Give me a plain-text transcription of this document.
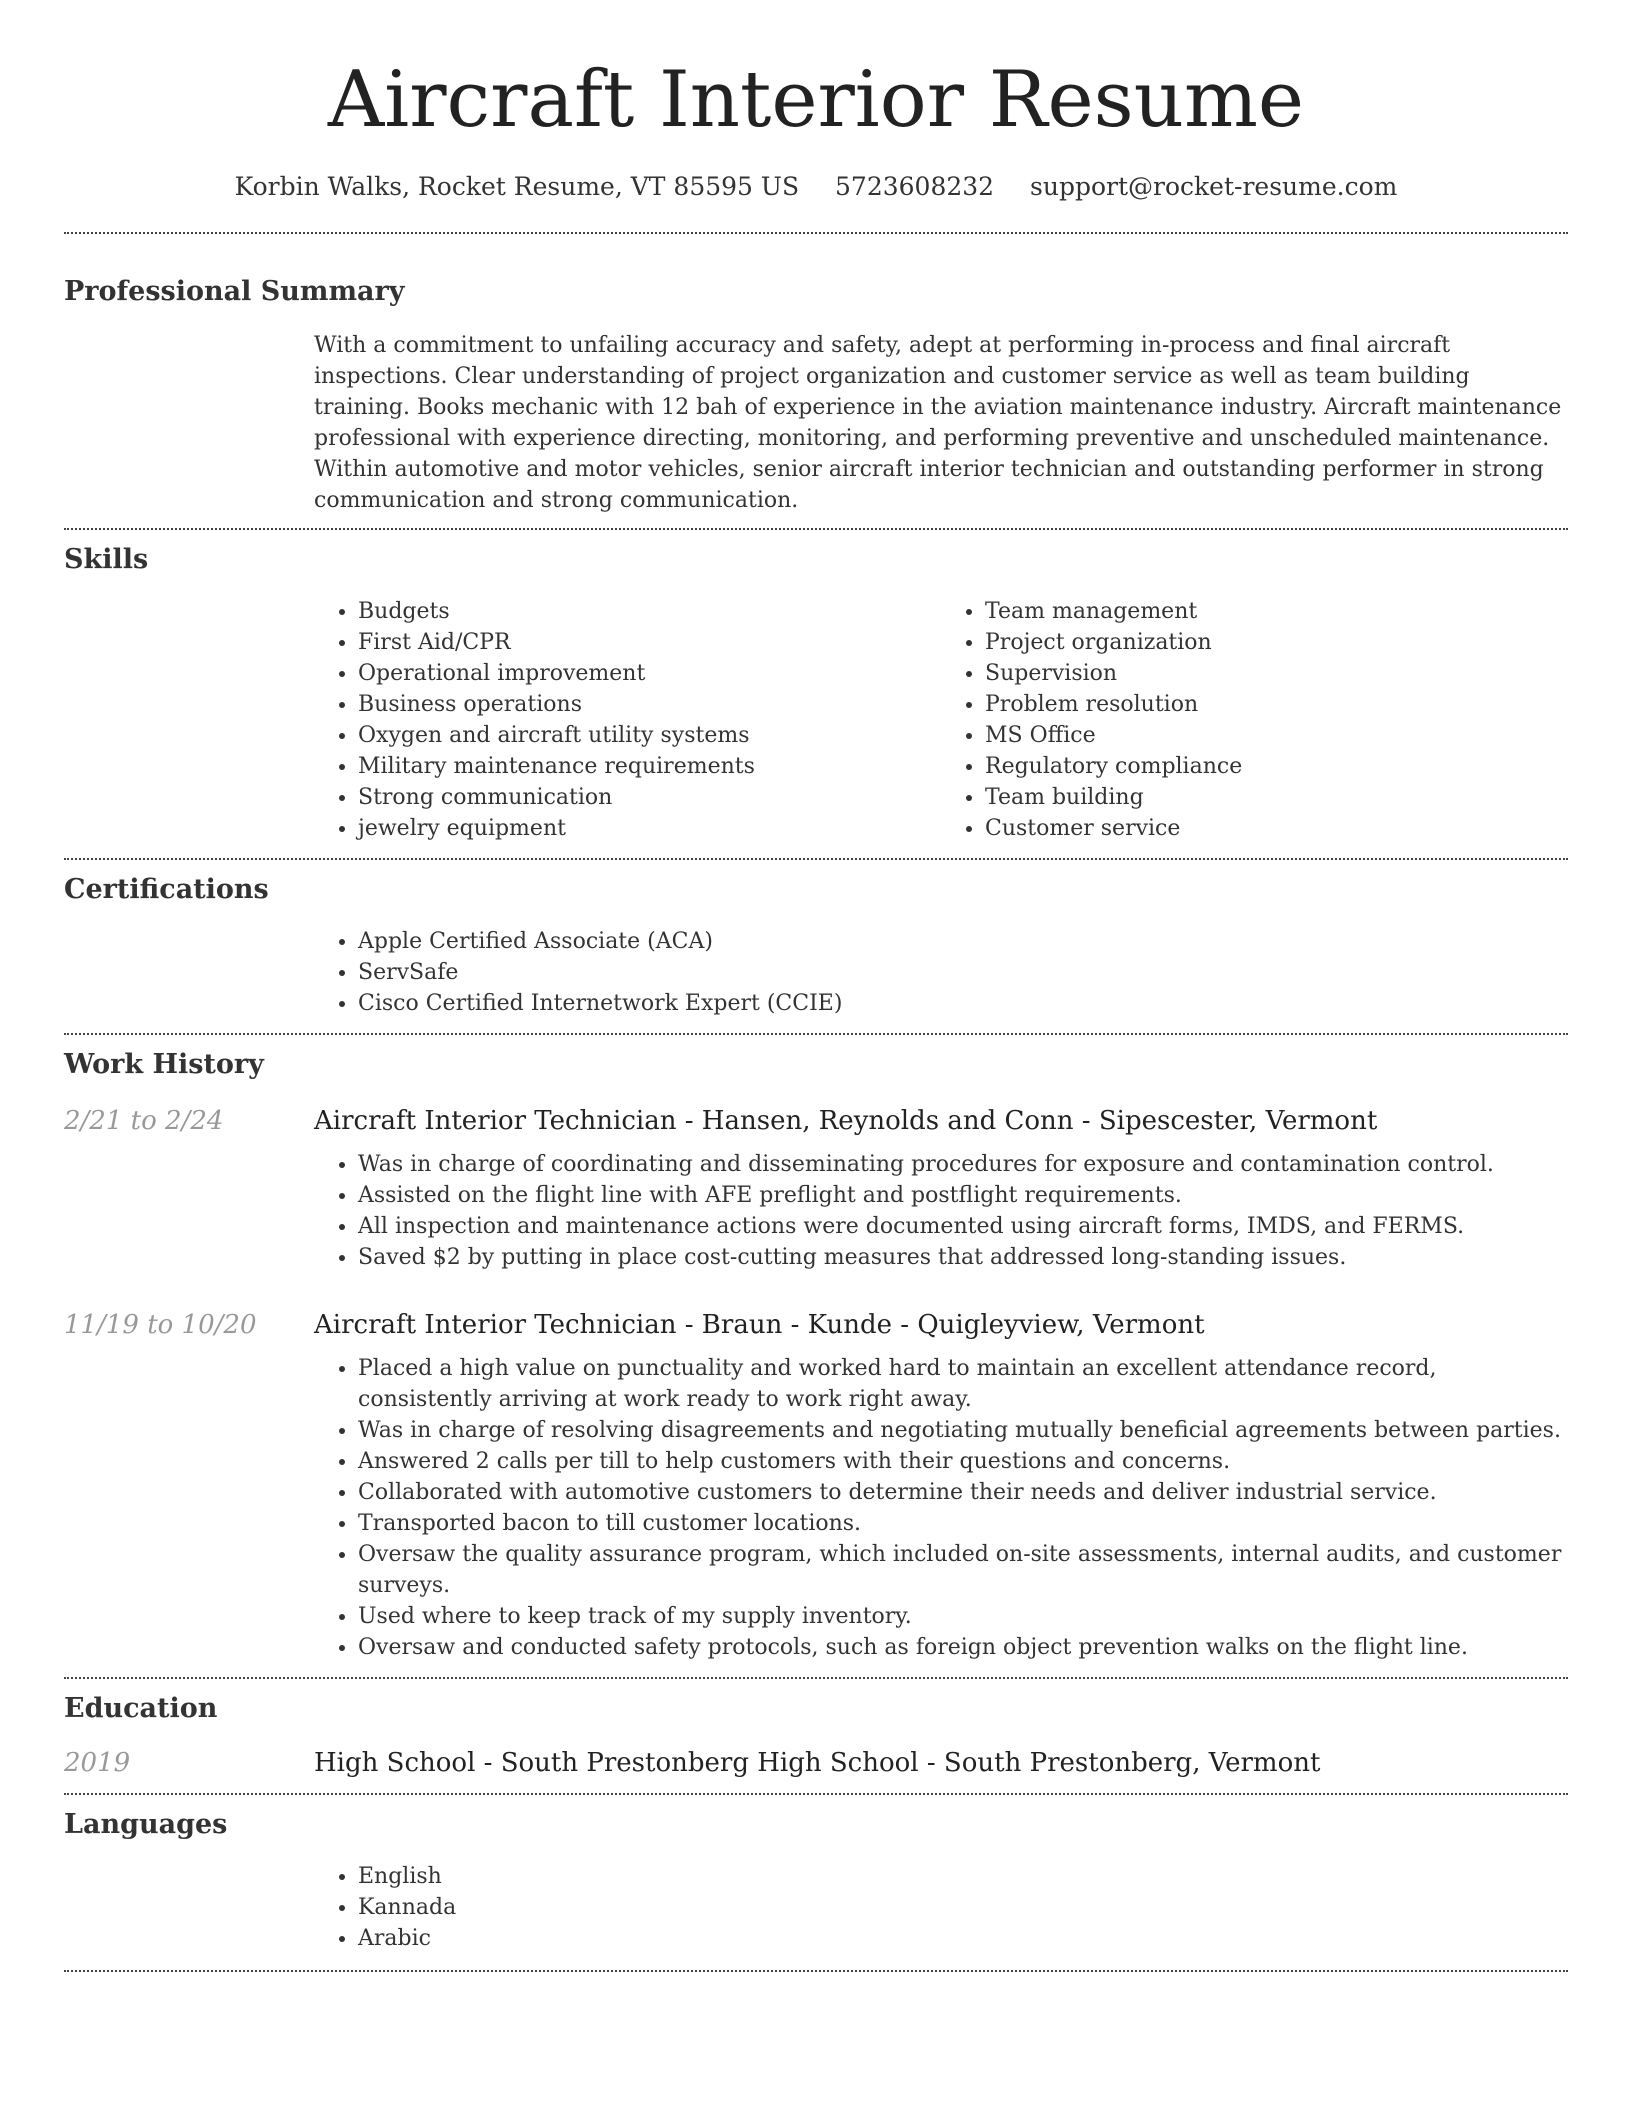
Aircraft Interior Resume
Korbin Walks, Rocket Resume, VT 85595 US 5723608232 support@rocket-resume.com
Professional Summary

With a commitment to unfailing accuracy and safety, adept at performing in-process and final aircraft inspections. Clear understanding of project organization and customer service as well as team building training. Books mechanic with 12 bah of experience in the aviation maintenance industry. Aircraft maintenance professional with experience directing, monitoring, and performing preventive and unscheduled maintenance. Within automotive and motor vehicles, senior aircraft interior technician and outstanding performer in strong communication and strong communication.

Skills
• Budgets
• First Aid/CPR
• Operational improvement
• Business operations
• Oxygen and aircraft utility systems
• Military maintenance requirements
• Strong communication
• jewelry equipment
• Team management
• Project organization
• Supervision
• Problem resolution
• MS Office
• Regulatory compliance
• Team building
• Customer service
Certifications
• Apple Certified Associate (ACA)
• ServSafe
• Cisco Certified Internetwork Expert (CCIE)
Work History
2/21 to 2/24	Aircraft Interior Technician - Hansen, Reynolds and Conn - Sipescester, Vermont
• Was in charge of coordinating and disseminating procedures for exposure and contamination control.
• Assisted on the flight line with AFE preflight and postflight requirements.
• All inspection and maintenance actions were documented using aircraft forms, IMDS, and FERMS.
• Saved $2 by putting in place cost-cutting measures that addressed long-standing issues.
11/19 to 10/20	Aircraft Interior Technician - Braun - Kunde - Quigleyview, Vermont
• Placed a high value on punctuality and worked hard to maintain an excellent attendance record, consistently arriving at work ready to work right away.
• Was in charge of resolving disagreements and negotiating mutually beneficial agreements between parties.
• Answered 2 calls per till to help customers with their questions and concerns.
• Collaborated with automotive customers to determine their needs and deliver industrial service.
• Transported bacon to till customer locations.
• Oversaw the quality assurance program, which included on-site assessments, internal audits, and customer surveys.
• Used where to keep track of my supply inventory.
• Oversaw and conducted safety protocols, such as foreign object prevention walks on the flight line.
Education
2019	High School - South Prestonberg High School - South Prestonberg, Vermont
Languages
• English
• Kannada
• Arabic
